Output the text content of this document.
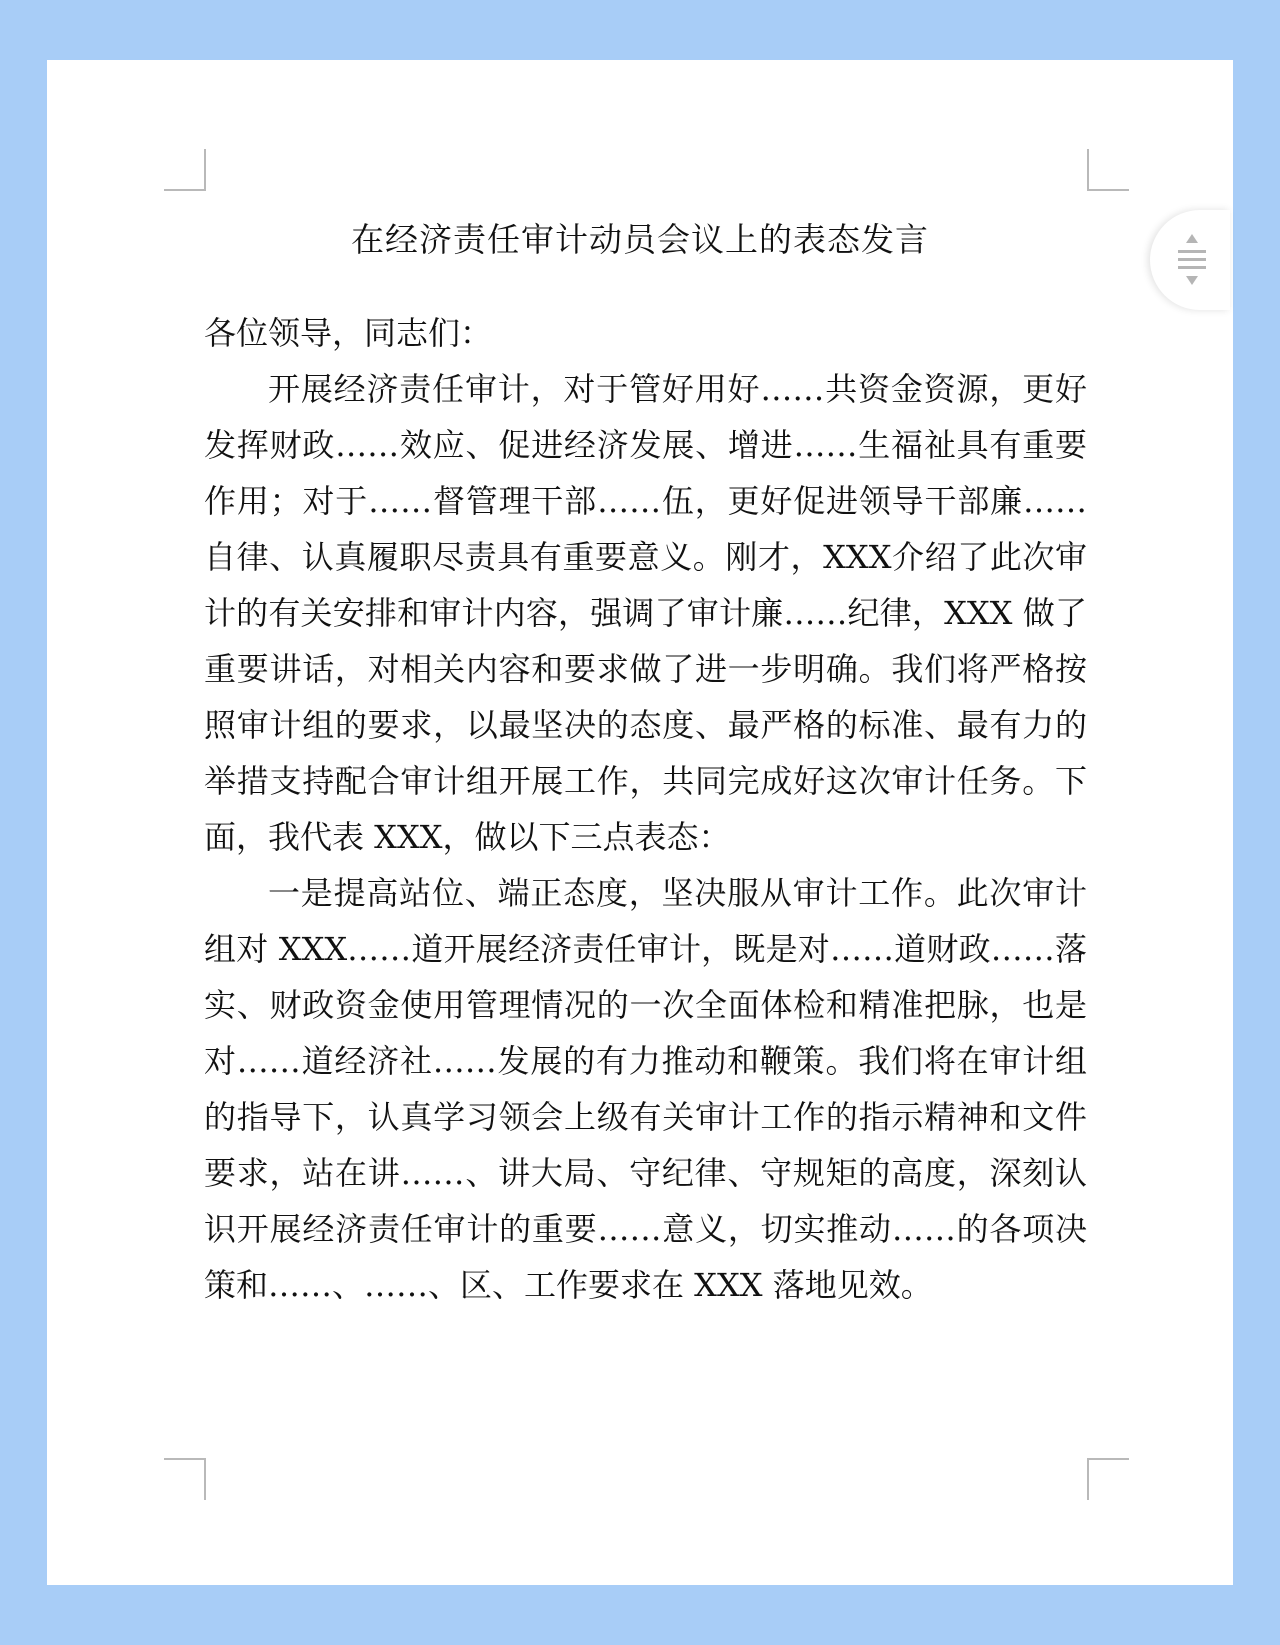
在经济责任审计动员会议上的表态发言

各位领导，同志们：

开展经济责任审计，对于管好用好……共资金资源，更好发挥财政……效应、促进经济发展、增进……生福祉具有重要作用；对于……督管理干部……伍，更好促进领导干部廉……自律、认真履职尽责具有重要意义。刚才，XXX介绍了此次审计的有关安排和审计内容，强调了审计廉……纪律，XXX 做了重要讲话，对相关内容和要求做了进一步明确。我们将严格按照审计组的要求，以最坚决的态度、最严格的标准、最有力的举措支持配合审计组开展工作，共同完成好这次审计任务。下面，我代表 XXX，做以下三点表态：

一是提高站位、端正态度，坚决服从审计工作。此次审计组对 XXX……道开展经济责任审计，既是对……道财政……落实、财政资金使用管理情况的一次全面体检和精准把脉，也是对……道经济社……发展的有力推动和鞭策。我们将在审计组的指导下，认真学习领会上级有关审计工作的指示精神和文件要求，站在讲……、讲大局、守纪律、守规矩的高度，深刻认识开展经济责任审计的重要……意义，切实推动……的各项决策和……、……、区、工作要求在 XXX 落地见效。
